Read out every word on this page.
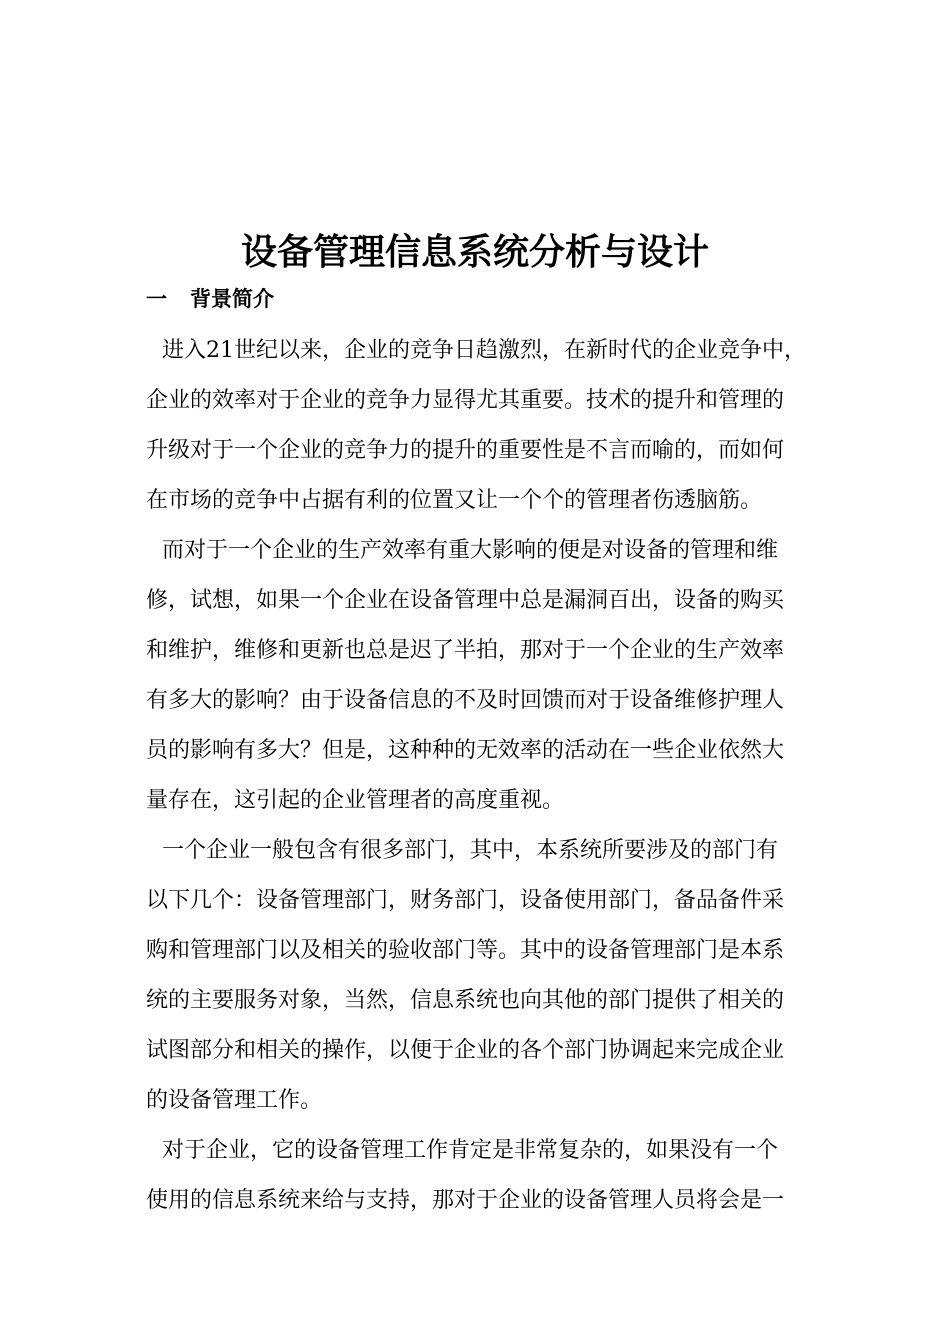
设备管理信息系统分析与设计
一 背景简介

进入21世纪以来，企业的竞争日趋激烈，在新时代的企业竞争中，

企业的效率对于企业的竞争力显得尤其重要。技术的提升和管理的

升级对于一个企业的竞争力的提升的重要性是不言而喻的，而如何

在市场的竞争中占据有利的位置又让一个个的管理者伤透脑筋。

而对于一个企业的生产效率有重大影响的便是对设备的管理和维

修，试想，如果一个企业在设备管理中总是漏洞百出，设备的购买

和维护，维修和更新也总是迟了半拍，那对于一个企业的生产效率

有多大的影响？由于设备信息的不及时回馈而对于设备维修护理人

员的影响有多大？但是，这种种的无效率的活动在一些企业依然大

量存在，这引起的企业管理者的高度重视。

一个企业一般包含有很多部门，其中，本系统所要涉及的部门有

以下几个：设备管理部门，财务部门，设备使用部门，备品备件采

购和管理部门以及相关的验收部门等。其中的设备管理部门是本系

统的主要服务对象，当然，信息系统也向其他的部门提供了相关的

试图部分和相关的操作，以便于企业的各个部门协调起来完成企业

的设备管理工作。

对于企业，它的设备管理工作肯定是非常复杂的，如果没有一个

使用的信息系统来给与支持，那对于企业的设备管理人员将会是一
